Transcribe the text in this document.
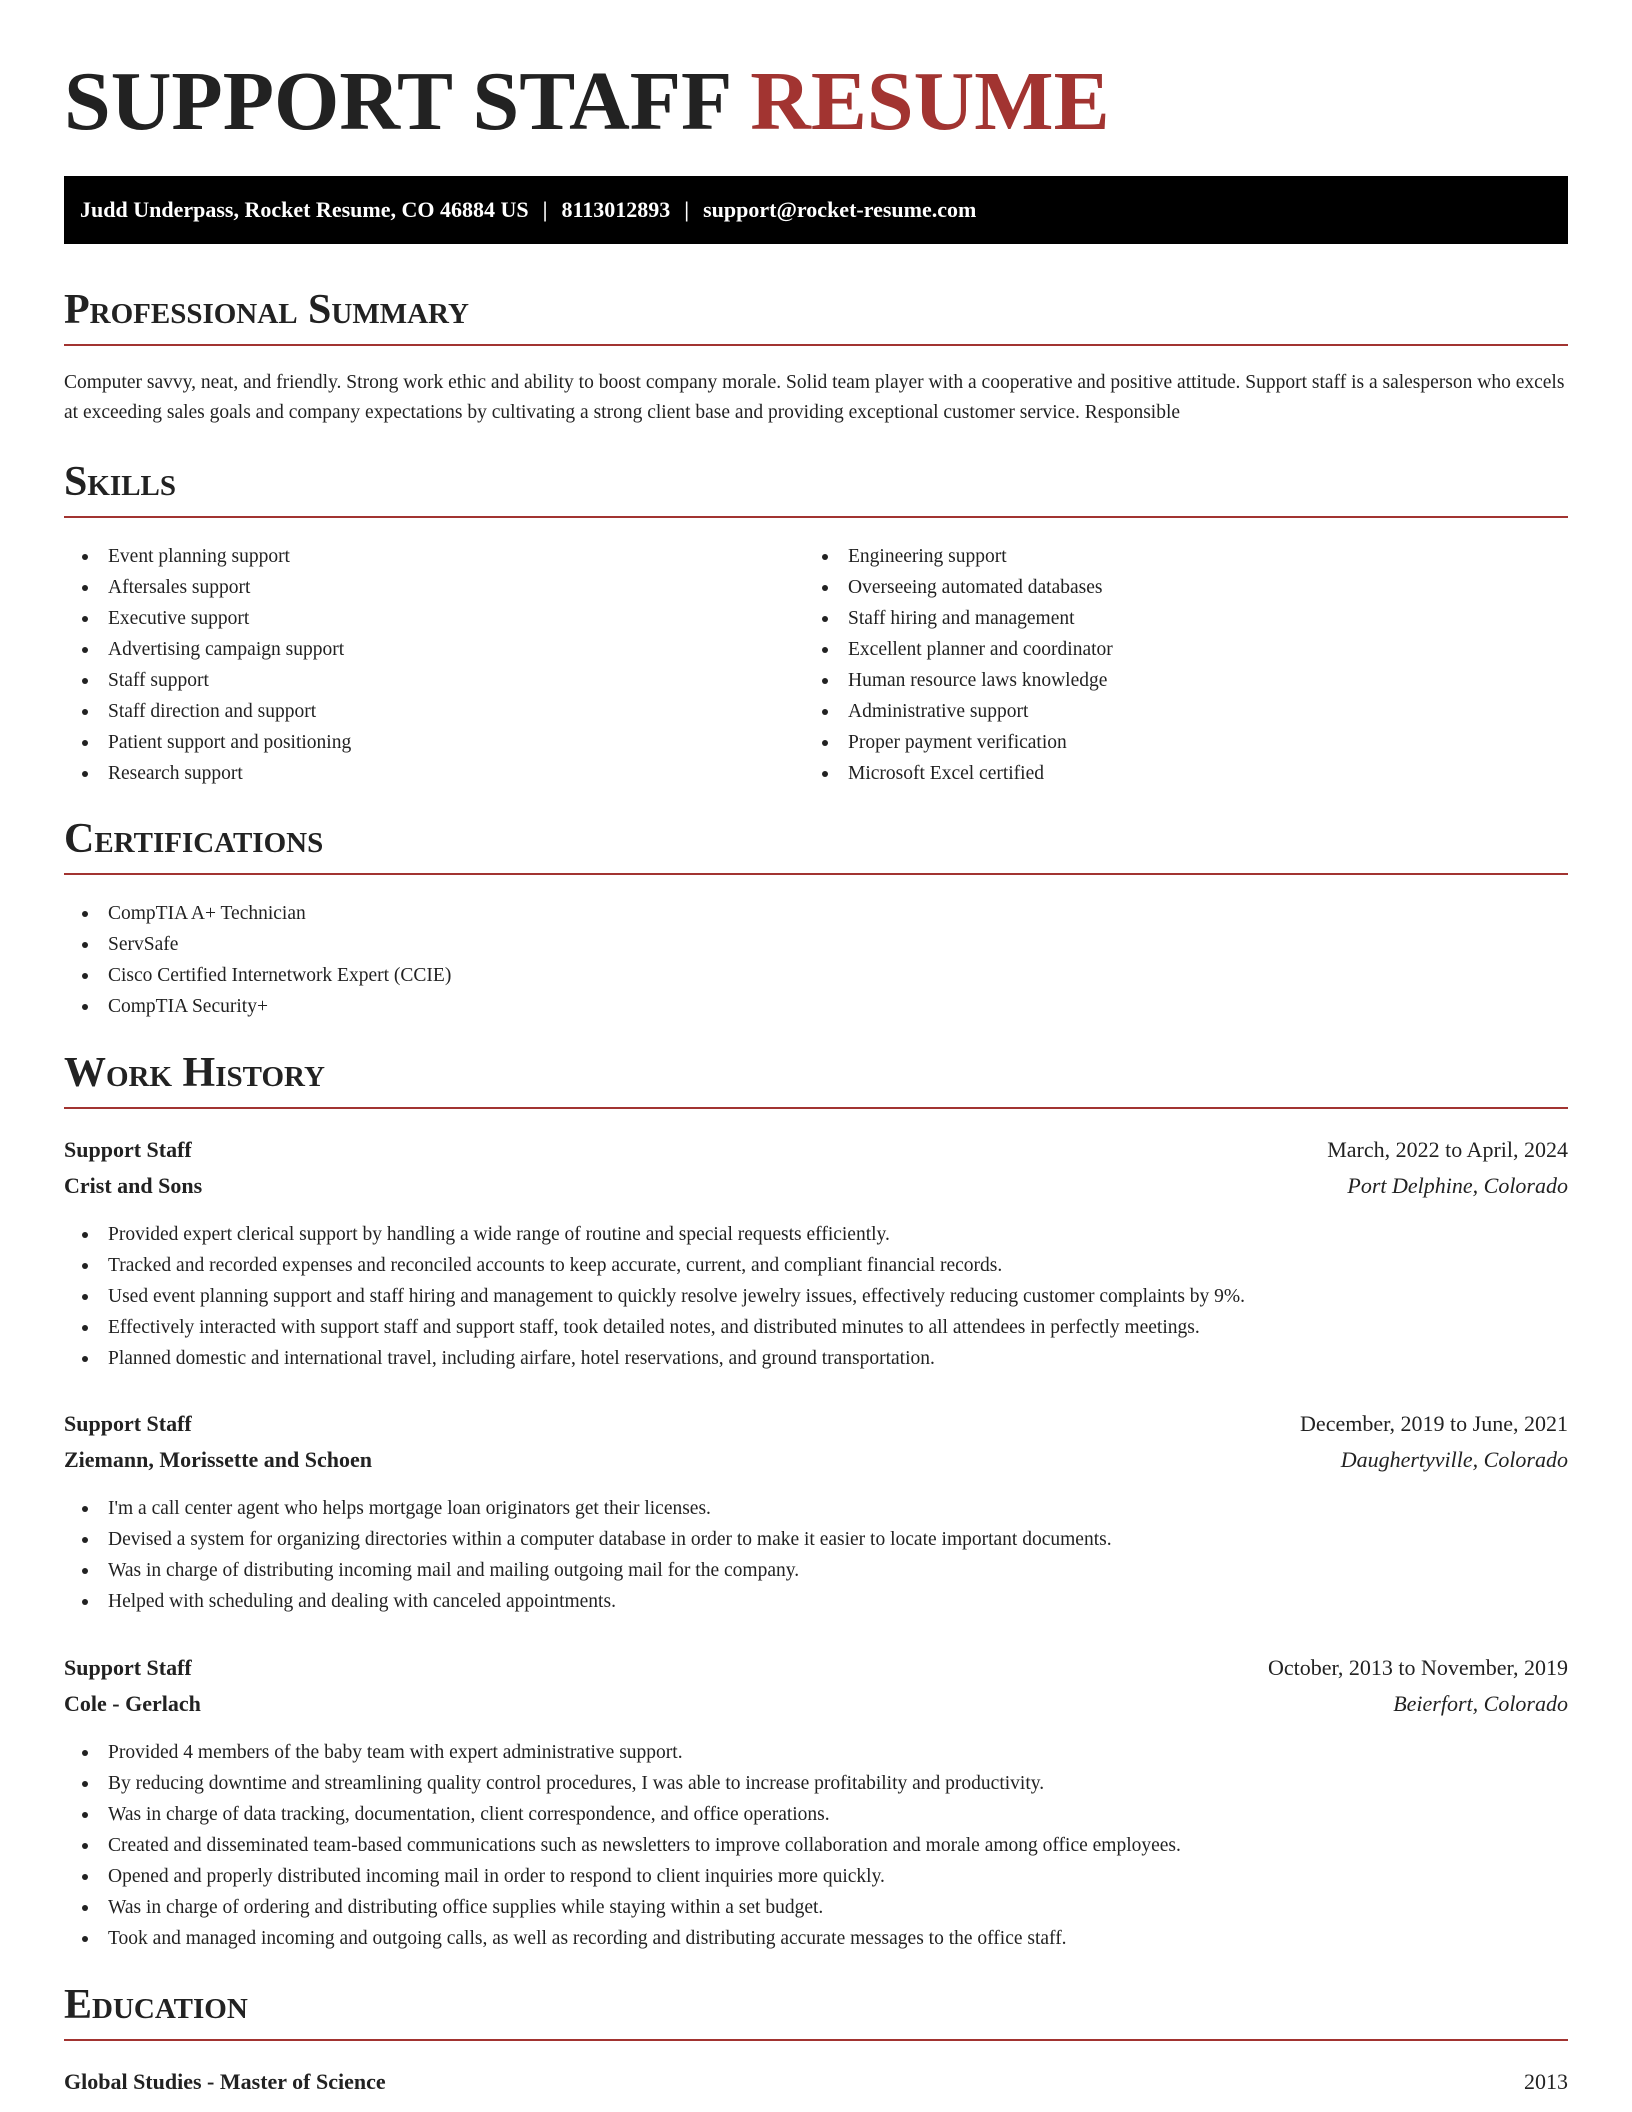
SUPPORT STAFF RESUME
Judd Underpass, Rocket Resume, CO 46884 US | 8113012893 | support@rocket-resume.com
Professional Summary

Computer savvy, neat, and friendly. Strong work ethic and ability to boost company morale. Solid team player with a cooperative and positive attitude. Support staff is a salesperson who excels at exceeding sales goals and company expectations by cultivating a strong client base and providing exceptional customer service. Responsible

Skills
Event planning support
Aftersales support
Executive support
Advertising campaign support
Staff support
Staff direction and support
Patient support and positioning
Research support
Engineering support
Overseeing automated databases
Staff hiring and management
Excellent planner and coordinator
Human resource laws knowledge
Administrative support
Proper payment verification
Microsoft Excel certified
Certifications
CompTIA A+ Technician
ServSafe
Cisco Certified Internetwork Expert (CCIE)
CompTIA Security+
Work History
Support Staff	March, 2022 to April, 2024
Crist and Sons	Port Delphine, Colorado
Provided expert clerical support by handling a wide range of routine and special requests efficiently.
Tracked and recorded expenses and reconciled accounts to keep accurate, current, and compliant financial records.
Used event planning support and staff hiring and management to quickly resolve jewelry issues, effectively reducing customer complaints by 9%.
Effectively interacted with support staff and support staff, took detailed notes, and distributed minutes to all attendees in perfectly meetings.
Planned domestic and international travel, including airfare, hotel reservations, and ground transportation.
Support Staff	December, 2019 to June, 2021
Ziemann, Morissette and Schoen	Daughertyville, Colorado
I'm a call center agent who helps mortgage loan originators get their licenses.
Devised a system for organizing directories within a computer database in order to make it easier to locate important documents.
Was in charge of distributing incoming mail and mailing outgoing mail for the company.
Helped with scheduling and dealing with canceled appointments.
Support Staff	October, 2013 to November, 2019
Cole - Gerlach	Beierfort, Colorado
Provided 4 members of the baby team with expert administrative support.
By reducing downtime and streamlining quality control procedures, I was able to increase profitability and productivity.
Was in charge of data tracking, documentation, client correspondence, and office operations.
Created and disseminated team-based communications such as newsletters to improve collaboration and morale among office employees.
Opened and properly distributed incoming mail in order to respond to client inquiries more quickly.
Was in charge of ordering and distributing office supplies while staying within a set budget.
Took and managed incoming and outgoing calls, as well as recording and distributing accurate messages to the office staff.
Education
Global Studies - Master of Science	2013
